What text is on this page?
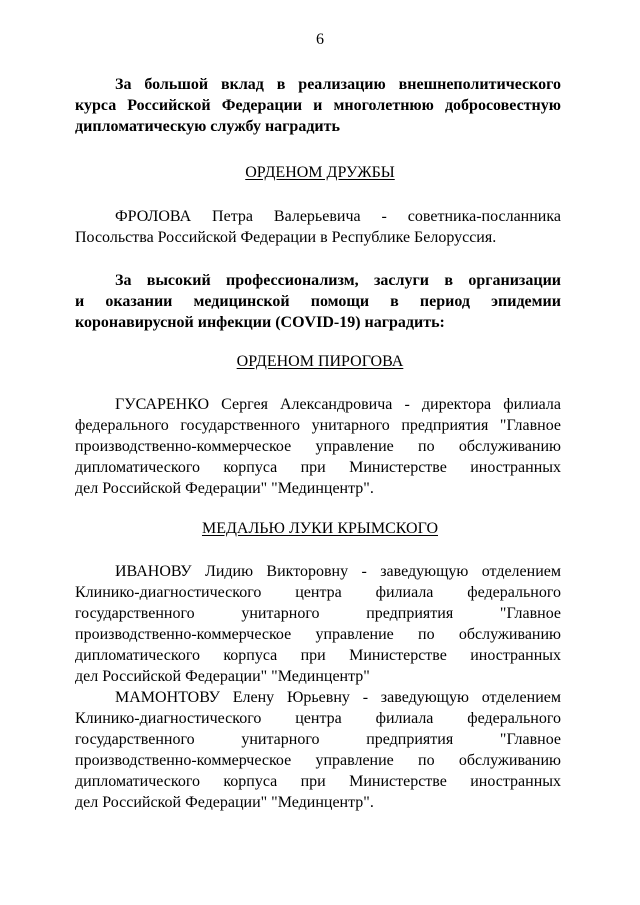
6
За большой вклад в реализацию внешнеполитического
курса Российской Федерации и многолетнюю добросовестную
дипломатическую службу наградить
ОРДЕНОМ ДРУЖБЫ
ФРОЛОВА Петра Валерьевича - советника-посланника
Посольства Российской Федерации в Республике Белоруссия.
За высокий профессионализм, заслуги в организации
и оказании медицинской помощи в период эпидемии
коронавирусной инфекции (COVID-19) наградить:
ОРДЕНОМ ПИРОГОВА
ГУСАРЕНКО Сергея Александровича - директора филиала
федерального государственного унитарного предприятия "Главное
производственно-коммерческое управление по обслуживанию
дипломатического корпуса при Министерстве иностранных
дел Российской Федерации" "Мединцентр".
МЕДАЛЬЮ ЛУКИ КРЫМСКОГО
ИВАНОВУ Лидию Викторовну - заведующую отделением
Клинико-диагностического центра филиала федерального
государственного унитарного предприятия "Главное
производственно-коммерческое управление по обслуживанию
дипломатического корпуса при Министерстве иностранных
дел Российской Федерации" "Мединцентр"
МАМОНТОВУ Елену Юрьевну - заведующую отделением
Клинико-диагностического центра филиала федерального
государственного унитарного предприятия "Главное
производственно-коммерческое управление по обслуживанию
дипломатического корпуса при Министерстве иностранных
дел Российской Федерации" "Мединцентр".
